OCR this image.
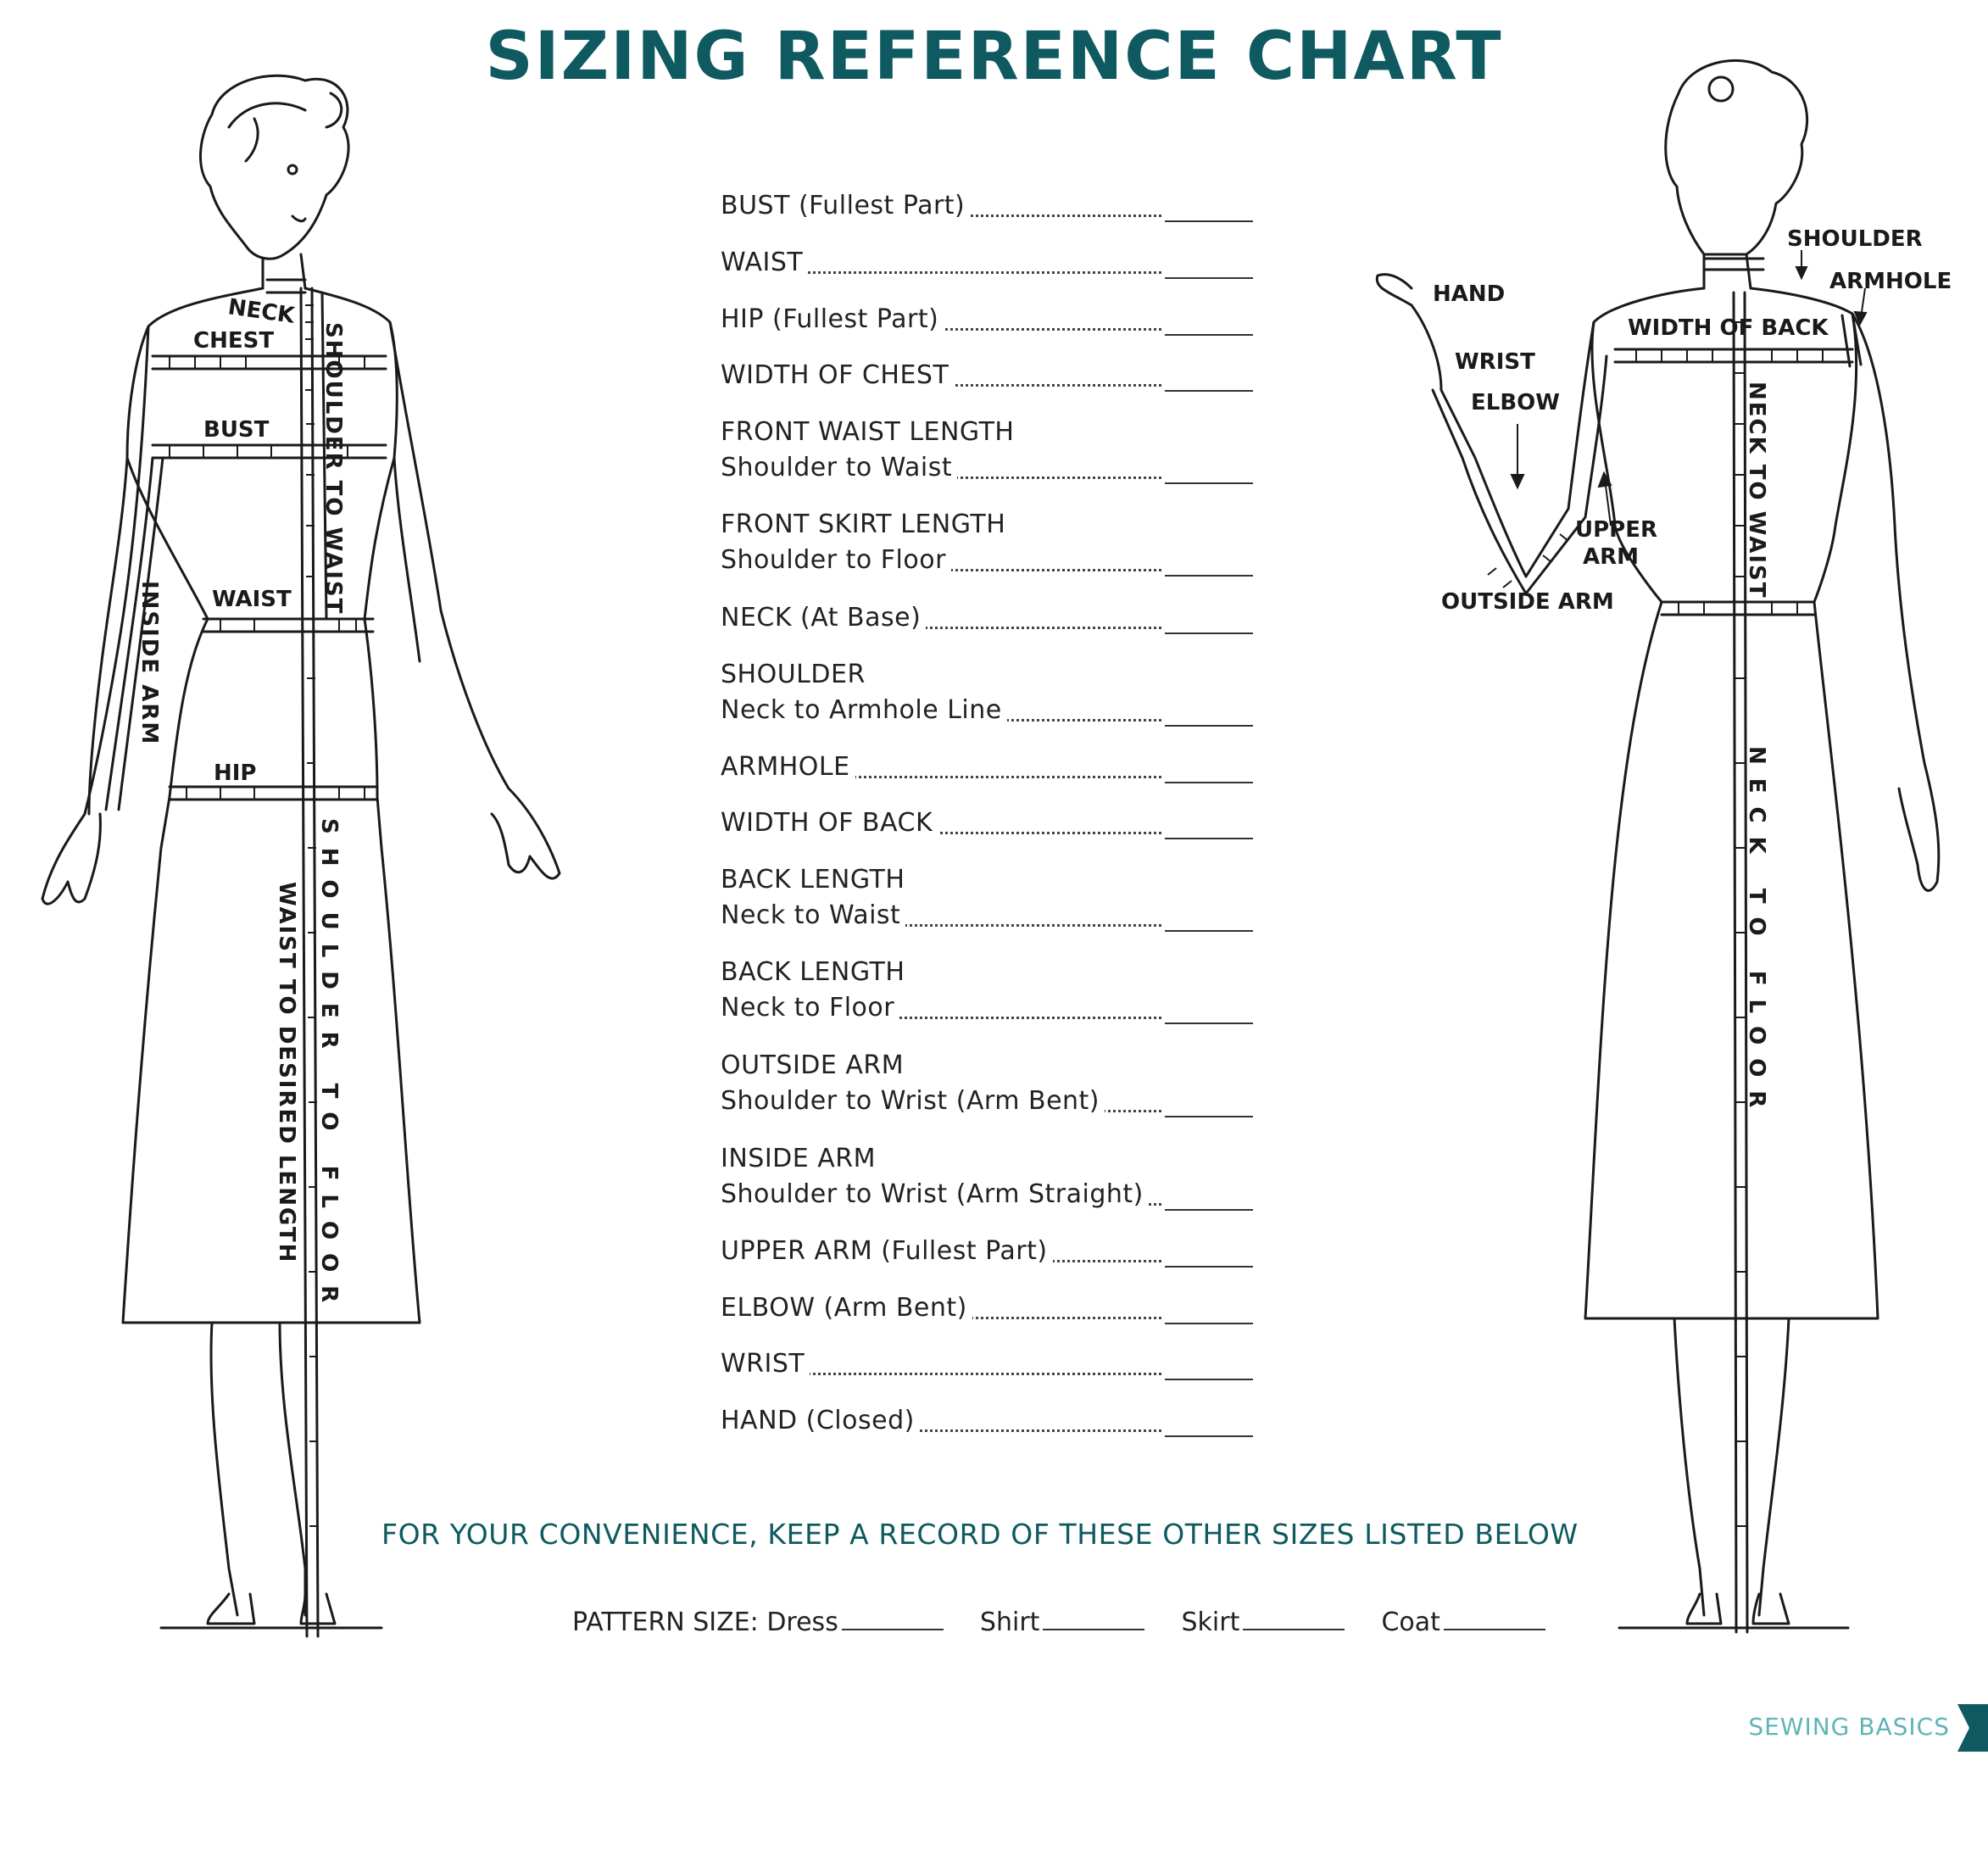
SIZING REFERENCE CHART
NECK
CHEST
BUST
WAIST
HIP
INSIDE ARM
SHOULDER TO WAIST
SHOULDER TO FLOOR
WAIST TO DESIRED LENGTH
SHOULDER
ARMHOLE
HAND
WIDTH OF BACK
WRIST
ELBOW
UPPER
ARM
OUTSIDE ARM
NECK TO WAIST
NECK TO FLOOR
BUST (Fullest Part)
WAIST
HIP (Fullest Part)
WIDTH OF CHEST
FRONT WAIST LENGTH
Shoulder to Waist
FRONT SKIRT LENGTH
Shoulder to Floor
NECK (At Base)
SHOULDER
Neck to Armhole Line
ARMHOLE
WIDTH OF BACK
BACK LENGTH
Neck to Waist
BACK LENGTH
Neck to Floor
OUTSIDE ARM
Shoulder to Wrist (Arm Bent)
INSIDE ARM
Shoulder to Wrist (Arm Straight)
UPPER ARM (Fullest Part)
ELBOW (Arm Bent)
WRIST
HAND (Closed)
FOR YOUR CONVENIENCE, KEEP A RECORD OF THESE OTHER SIZES LISTED BELOW
PATTERN SIZE: Dress	Shirt	Skirt	Coat
SEWING BASICS
